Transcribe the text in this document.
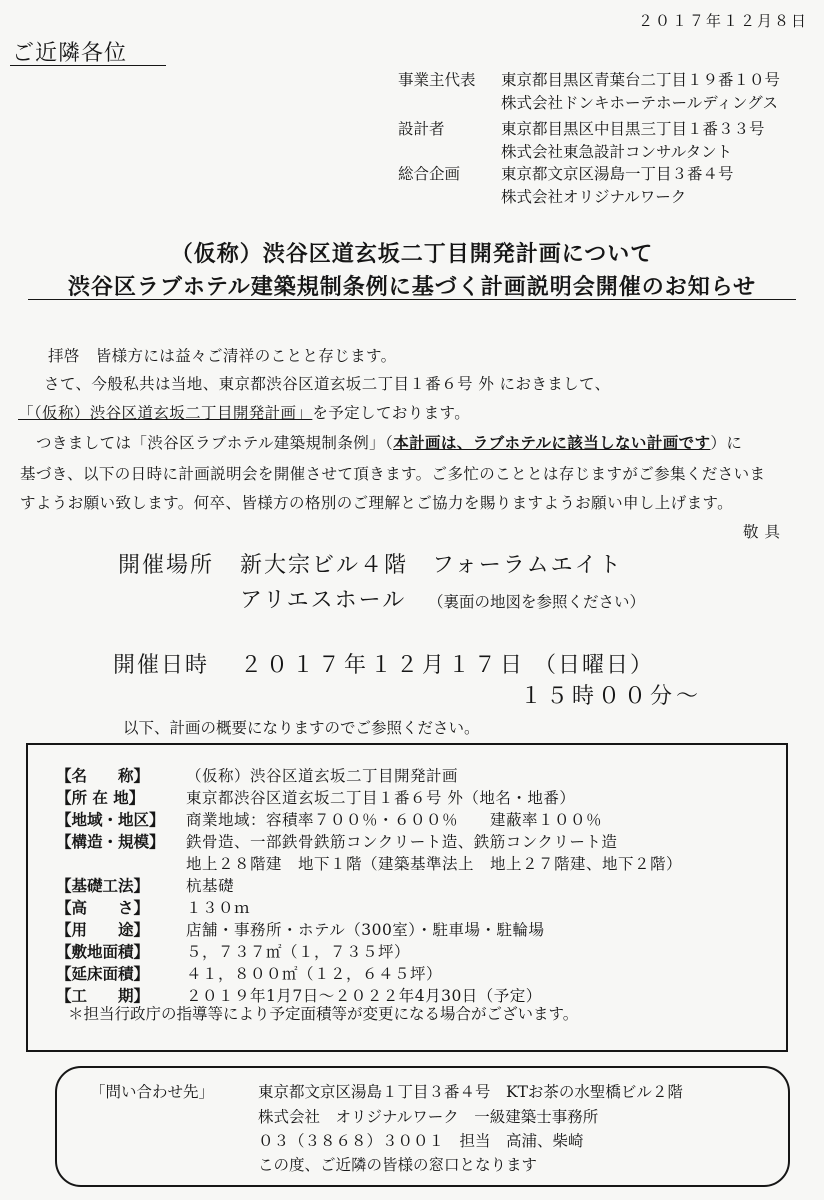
２０１７年１２月８日
ご近隣各位
事業主代表 東京都目黒区青葉台二丁目１９番１０号
株式会社ドンキホーテホールディングス
設計者	東京都目黒区中目黒三丁目１番３３号
株式会社東急設計コンサルタント
総合企画	東京都文京区湯島一丁目３番４号
株式会社オリジナルワーク
（仮称）渋谷区道玄坂二丁目開発計画について
渋谷区ラブホテル建築規制条例に基づく計画説明会開催のお知らせ
拝啓　皆様方には益々ご清祥のことと存じます。
さて、今般私共は当地、東京都渋谷区道玄坂二丁目１番６号 外 におきまして、
「（仮称）渋谷区道玄坂二丁目開発計画」を予定しております。
つきましては「渋谷区ラブホテル建築規制条例」（本計画は、ラブホテルに該当しない計画です）に
基づき、以下の日時に計画説明会を開催させて頂きます。ご多忙のこととは存じますがご参集くださいま
すようお願い致します。何卒、皆様方の格別のご理解とご協力を賜りますようお願い申し上げます。
敬具
開催場所 新大宗ビル４階　フォーラムエイト
アリエスホール （裏面の地図を参照ください）
開催日時 ２０１７年１２月１７日 （日曜日）
１５時００分～
以下、計画の概要になりますのでご参照ください。
【名　　称】 （仮称）渋谷区道玄坂二丁目開発計画
【所 在 地】	東京都渋谷区道玄坂二丁目１番６号 外（地名・地番）
【地域・地区】 商業地域：容積率７００％・６００％　　建蔽率１００％
【構造・規模】 鉄骨造、一部鉄骨鉄筋コンクリート造、鉄筋コンクリート造
地上２８階建　地下１階（建築基準法上　地上２７階建、地下２階）
【基礎工法】 杭基礎
【高　　さ】 １３０ｍ
【用　　途】 店舗・事務所・ホテル（300室）・駐車場・駐輪場
【敷地面積】 ５，７３７㎡（１，７３５坪）
【延床面積】 ４１，８００㎡（１２，６４５坪）
【工　　期】 ２０１９年1月7日～２０２２年4月30日（予定）
＊担当行政庁の指導等により予定面積等が変更になる場合がございます。
「問い合わせ先」	東京都文京区湯島１丁目３番４号　KTお茶の水聖橋ビル２階
株式会社　オリジナルワーク　一級建築士事務所
０３（３８６８）３００１　担当　高浦、柴崎
この度、ご近隣の皆様の窓口となります
